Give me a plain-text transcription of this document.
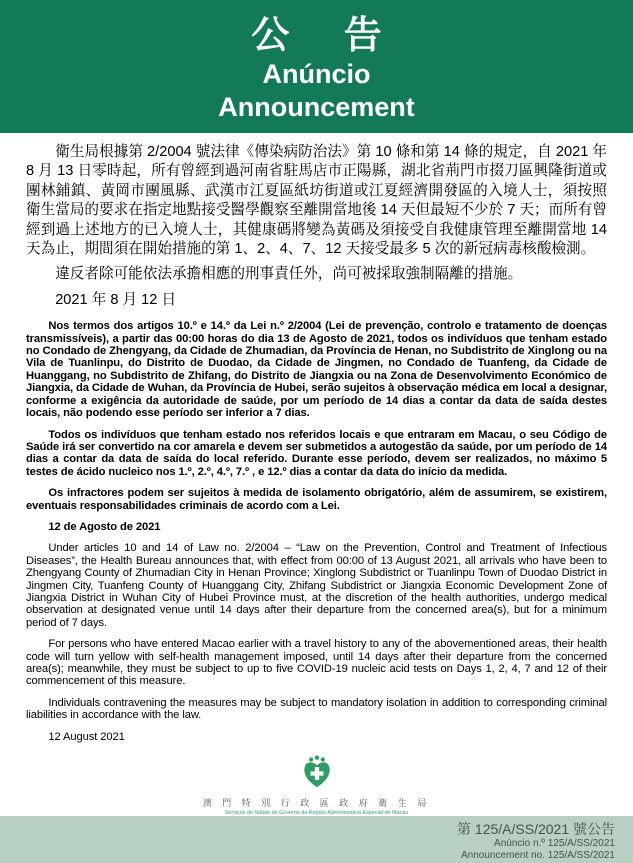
公 告
Anúncio
Announcement

衛生局根據第 2/2004 號法律《傳染病防治法》第 10 條和第 14 條的規定，自 2021 年 8 月 13 日零時起，所有曾經到過河南省駐馬店市正陽縣，湖北省荊門市掇刀區興隆街道或團林鋪鎮、黃岡市團風縣、武漢市江夏區紙坊街道或江夏經濟開發區的入境人士，須按照衛生當局的要求在指定地點接受醫學觀察至離開當地後 14 天但最短不少於 7 天；而所有曾經到過上述地方的已入境人士，其健康碼將變為黃碼及須接受自我健康管理至離開當地 14 天為止，期間須在開始措施的第 1、2、4、7、12 天接受最多 5 次的新冠病毒核酸檢測。

違反者除可能依法承擔相應的刑事責任外，尚可被採取強制隔離的措施。

2021 年 8 月 12 日

Nos termos dos artigos 10.º e 14.º da Lei n.º 2/2004 (Lei de prevenção, controlo e tratamento de doenças transmissíveis), a partir das 00:00 horas do dia 13 de Agosto de 2021, todos os indivíduos que tenham estado no Condado de Zhengyang, da Cidade de Zhumadian, da Província de Henan, no Subdistrito de Xinglong ou na Vila de Tuanlinpu, do Distrito de Duodao, da Cidade de Jingmen, no Condado de Tuanfeng, da Cidade de Huanggang, no Subdistrito de Zhifang, do Distrito de Jiangxia ou na Zona de Desenvolvimento Económico de Jiangxia, da Cidade de Wuhan, da Província de Hubei, serão sujeitos à observação médica em local a designar, conforme a exigência da autoridade de saúde, por um período de 14 dias a contar da data de saída destes locais, não podendo esse período ser inferior a 7 dias.

Todos os indivíduos que tenham estado nos referidos locais e que entraram em Macau, o seu Código de Saúde irá ser convertido na cor amarela e devem ser submetidos a autogestão da saúde, por um período de 14 dias a contar da data de saída do local referido. Durante esse período, devem ser realizados, no máximo 5 testes de ácido nucleico nos 1.º, 2.º, 4.º, 7.º , e 12.º dias a contar da data do início da medida.

Os infractores podem ser sujeitos à medida de isolamento obrigatório, além de assumirem, se existirem, eventuais responsabilidades criminais de acordo com a Lei.

12 de Agosto de 2021

Under articles 10 and 14 of Law no. 2/2004 – “Law on the Prevention, Control and Treatment of Infectious Diseases”, the Health Bureau announces that, with effect from 00:00 of 13 August 2021, all arrivals who have been to Zhengyang County of Zhumadian City in Henan Province; Xinglong Subdistrict or Tuanlinpu Town of Duodao District in Jingmen City, Tuanfeng County of Huanggang City, Zhifang Subdistrict or Jiangxia Economic Development Zone of Jiangxia District in Wuhan City of Hubei Province must, at the discretion of the health authorities, undergo medical observation at designated venue until 14 days after their departure from the concerned area(s), but for a minimum period of 7 days.

For persons who have entered Macao earlier with a travel history to any of the abovementioned areas, their health code will turn yellow with self-health management imposed, until 14 days after their departure from the concerned area(s); meanwhile, they must be subject to up to five COVID-19 nucleic acid tests on Days 1, 2, 4, 7 and 12 of their commencement of this measure.

Individuals contravening the measures may be subject to mandatory isolation in addition to corresponding criminal liabilities in accordance with the law.

12 August 2021

澳 門 特 別 行 政 區 政 府 衛 生 局
Serviços de Saúde do Governo da Região Administrativa Especial de Macau
第 125/A/SS/2021 號公告
Anúncio n.º 125/A/SS/2021
Announcement no. 125/A/SS/2021
